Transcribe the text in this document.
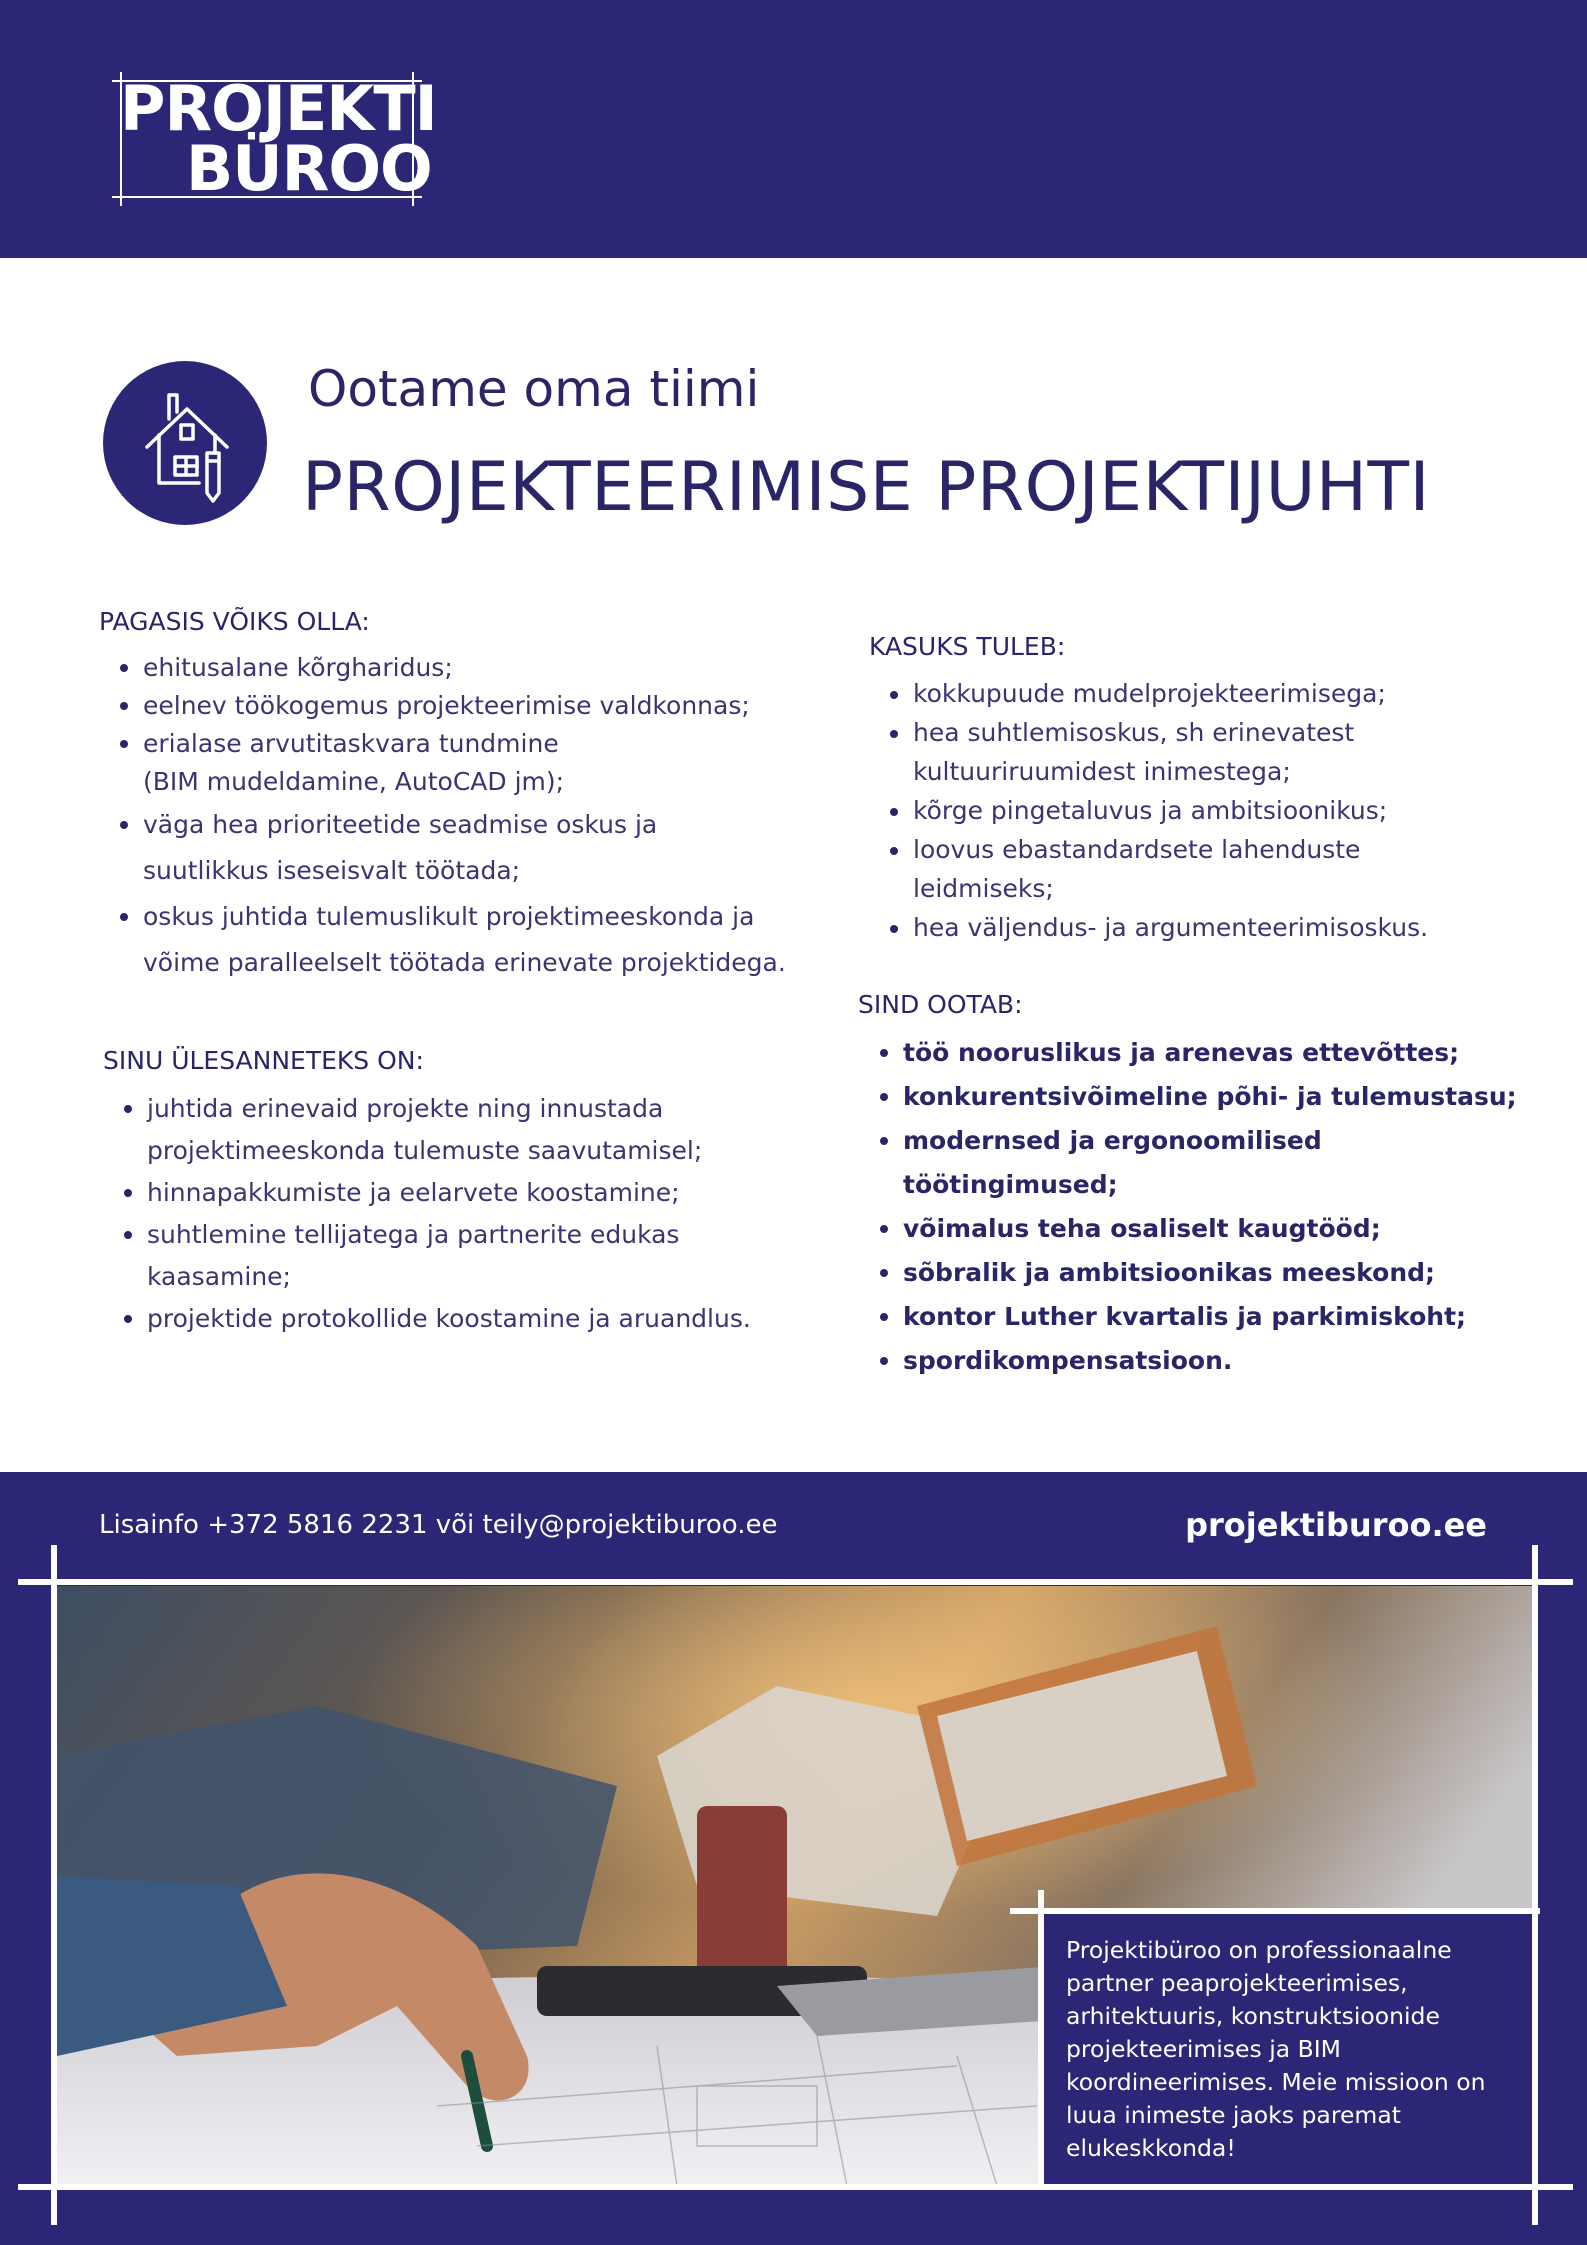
PROJEKTI
BÜROO
Ootame oma tiimi
PROJEKTEERIMISE PROJEKTIJUHTI
PAGASIS VÕIKS OLLA:
ehitusalane kõrgharidus;
eelnev töökogemus projekteerimise valdkonnas;
erialase arvutitaskvara tundmine (BIM mudeldamine, AutoCAD jm);
väga hea prioriteetide seadmise oskus ja suutlikkus iseseisvalt töötada;
oskus juhtida tulemuslikult projektimeeskonda ja võime paralleelselt töötada erinevate projektidega.
SINU ÜLESANNETEKS ON:
juhtida erinevaid projekte ning innustada projektimeeskonda tulemuste saavutamisel;
hinnapakkumiste ja eelarvete koostamine;
suhtlemine tellijatega ja partnerite edukas kaasamine;
projektide protokollide koostamine ja aruandlus.
KASUKS TULEB:
kokkupuude mudelprojekteerimisega;
hea suhtlemisoskus, sh erinevatest kultuuriruumidest inimestega;
kõrge pingetaluvus ja ambitsioonikus;
loovus ebastandardsete lahenduste leidmiseks;
hea väljendus- ja argumenteerimisoskus.
SIND OOTAB:
töö nooruslikus ja arenevas ettevõttes;
konkurentsivõimeline põhi- ja tulemustasu;
modernsed ja ergonoomilised töötingimused;
võimalus teha osaliselt kaugtööd;
sõbralik ja ambitsioonikas meeskond;
kontor Luther kvartalis ja parkimiskoht;
spordikompensatsioon.
Lisainfo +372 5816 2231 või teily@projektiburoo.ee	projektiburoo.ee

Projektibüroo on professionaalne partner peaprojekteerimises, arhitektuuris, konstruktsioonide projekteerimises ja BIM koordineerimises. Meie missioon on luua inimeste jaoks paremat elukeskkonda!
